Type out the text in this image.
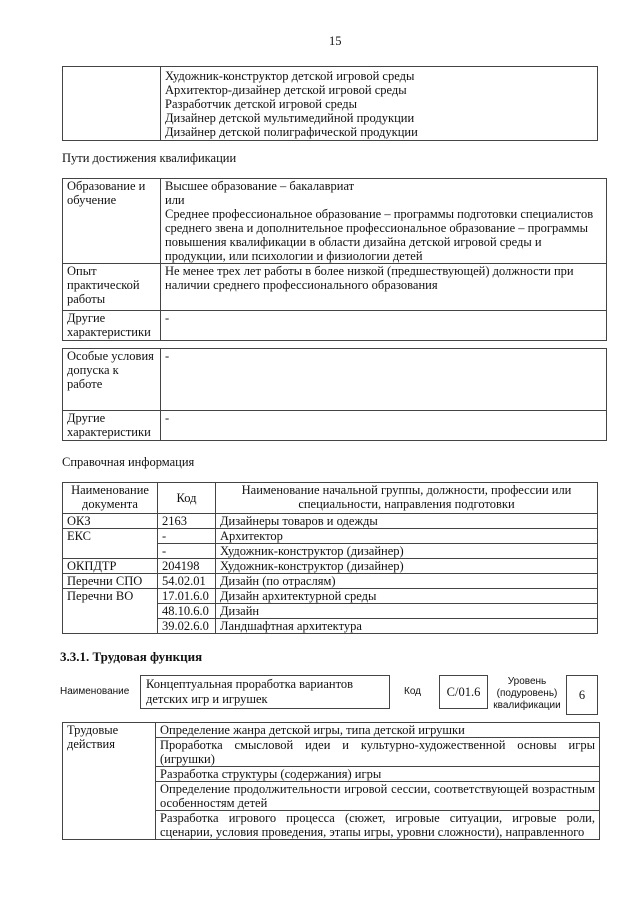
15

Художник-конструктор детской игровой среды
Архитектор-дизайнер детской игровой среды
Разработчик детской игровой среды
Дизайнер детской мультимедийной продукции
Дизайнер детской полиграфической продукции
Пути достижения квалификации
Образование и обучение	Высшее образование – бакалавриат
или
Среднее профессиональное образование – программы подготовки специалистов среднего звена и дополнительное профессиональное образование – программы повышения квалификации в области дизайна детской игровой среды и продукции, или психологии и физиологии детей

Опыт практической работы	Не менее трех лет работы в более низкой (предшествующей) должности при наличии среднего профессионального образования
Другие характеристики	-
Особые условия допуска к работе	-
Другие характеристики	-
Справочная информация
Наименование документа	Код	Наименование начальной группы, должности, профессии или специальности, направления подготовки
ОКЗ	2163	Дизайнеры товаров и одежды
ЕКС	-	Архитектор
	-	Художник-конструктор (дизайнер)
ОКПДТР	204198	Художник-конструктор (дизайнер)
Перечни СПО	54.02.01	Дизайн (по отраслям)
Перечни ВО	17.01.6.0	Дизайн архитектурной среды
	48.10.6.0	Дизайн
	39.02.6.0	Ландшафтная архитектура
3.3.1. Трудовая функция
Наименование
Концептуальная проработка вариантов детских игр и игрушек
Код	C/01.6
Уровень (подуровень) квалификации
6
Трудовые действия	Определение жанра детской игры, типа детской игрушки
Проработка смысловой идеи и культурно-художественной основы игры (игрушки)
Разработка структуры (содержания) игры
Определение продолжительности игровой сессии, соответствующей возрастным особенностям детей
Разработка игрового процесса (сюжет, игровые ситуации, игровые роли, сценарии, условия проведения, этапы игры, уровни сложности), направленного
